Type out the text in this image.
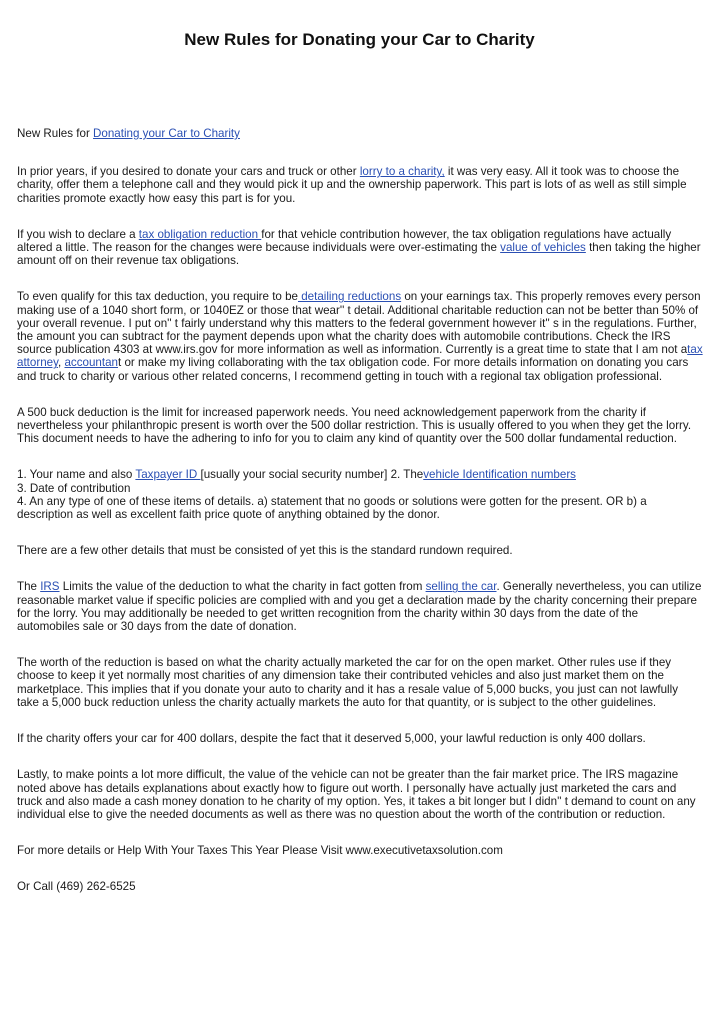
New Rules for Donating your Car to Charity

New Rules for Donating your Car to Charity

In prior years, if you desired to donate your cars and truck or other lorry to a charity, it was very easy. All it took was to choose the charity, offer them a telephone call and they would pick it up and the ownership paperwork. This part is lots of as well as still simple charities promote exactly how easy this part is for you.

If you wish to declare a tax obligation reduction for that vehicle contribution however, the tax obligation regulations have actually altered a little. The reason for the changes were because individuals were over-estimating the value of vehicles then taking the higher amount off on their revenue tax obligations.

To even qualify for this tax deduction, you require to be detailing reductions on your earnings tax. This properly removes every person making use of a 1040 short form, or 1040EZ or those that wear'' t detail. Additional charitable reduction can not be better than 50% of your overall revenue. I put on'' t fairly understand why this matters to the federal government however it'' s in the regulations. Further, the amount you can subtract for the payment depends upon what the charity does with automobile contributions. Check the IRS source publication 4303 at www.irs.gov for more information as well as information. Currently is a great time to state that I am not atax attorney, accountant or make my living collaborating with the tax obligation code. For more details information on donating you cars and truck to charity or various other related concerns, I recommend getting in touch with a regional tax obligation professional.

A 500 buck deduction is the limit for increased paperwork needs. You need acknowledgement paperwork from the charity if nevertheless your philanthropic present is worth over the 500 dollar restriction. This is usually offered to you when they get the lorry. This document needs to have the adhering to info for you to claim any kind of quantity over the 500 dollar fundamental reduction.

1. Your name and also Taxpayer ID [usually your social security number] 2. Thevehicle Identification numbers
3. Date of contribution
4. An any type of one of these items of details. a) statement that no goods or solutions were gotten for the present. OR b) a description as well as excellent faith price quote of anything obtained by the donor.

There are a few other details that must be consisted of yet this is the standard rundown required.

The IRS Limits the value of the deduction to what the charity in fact gotten from selling the car. Generally nevertheless, you can utilize reasonable market value if specific policies are complied with and you get a declaration made by the charity concerning their prepare for the lorry. You may additionally be needed to get written recognition from the charity within 30 days from the date of the automobiles sale or 30 days from the date of donation.

The worth of the reduction is based on what the charity actually marketed the car for on the open market. Other rules use if they choose to keep it yet normally most charities of any dimension take their contributed vehicles and also just market them on the marketplace. This implies that if you donate your auto to charity and it has a resale value of 5,000 bucks, you just can not lawfully take a 5,000 buck reduction unless the charity actually markets the auto for that quantity, or is subject to the other guidelines.

If the charity offers your car for 400 dollars, despite the fact that it deserved 5,000, your lawful reduction is only 400 dollars.

Lastly, to make points a lot more difficult, the value of the vehicle can not be greater than the fair market price. The IRS magazine noted above has details explanations about exactly how to figure out worth. I personally have actually just marketed the cars and truck and also made a cash money donation to he charity of my option. Yes, it takes a bit longer but I didn'' t demand to count on any individual else to give the needed documents as well as there was no question about the worth of the contribution or reduction.

For more details or Help With Your Taxes This Year Please Visit www.executivetaxsolution.com

Or Call (469) 262-6525
